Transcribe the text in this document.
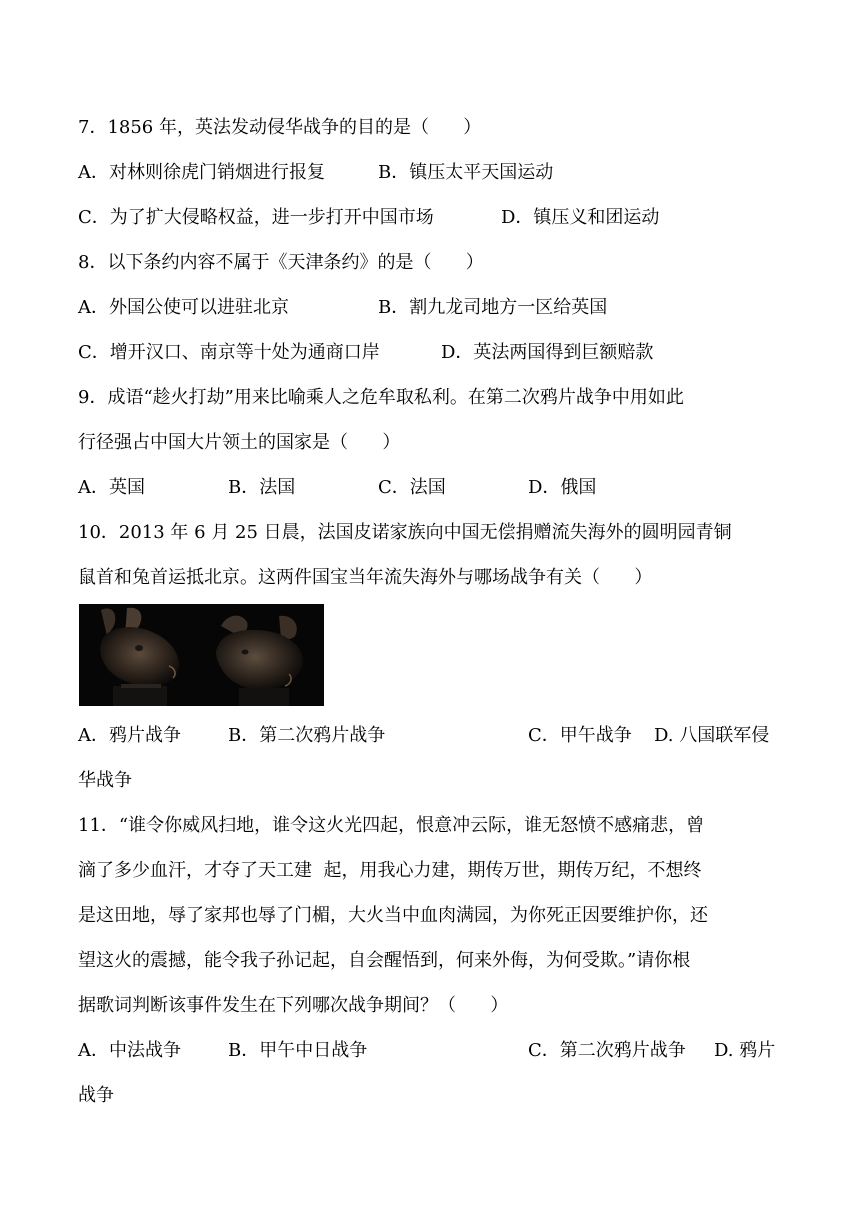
7．1856 年，英法发动侵华战争的目的是（      ）
A．对林则徐虎门销烟进行报复	B．镇压太平天国运动
C．为了扩大侵略权益，进一步打开中国市场	D．镇压义和团运动
8．以下条约内容不属于《天津条约》的是（      ）
A．外国公使可以进驻北京	B．割九龙司地方一区给英国
C．增开汉口、南京等十处为通商口岸	D．英法两国得到巨额赔款
9．成语“趁火打劫”用来比喻乘人之危牟取私利。在第二次鸦片战争中用如此
行径强占中国大片领土的国家是（      ）
A．英国	B．法国	C．法国	D．俄国
10．2013 年 6 月 25 日晨，法国皮诺家族向中国无偿捐赠流失海外的圆明园青铜
鼠首和兔首运抵北京。这两件国宝当年流失海外与哪场战争有关（      ）
A．鸦片战争	B．第二次鸦片战争	C．甲午战争 D. 八国联军侵
华战争
11．“谁令你威风扫地，谁令这火光四起，恨意冲云际，谁无怒愤不感痛悲，曾
滴了多少血汗，才夺了天工建  起，用我心力建，期传万世，期传万纪，不想终
是这田地，辱了家邦也辱了门楣，大火当中血肉满园，为你死正因要维护你，还
望这火的震撼，能令我子孙记起，自会醒悟到，何来外侮，为何受欺。”请你根
据歌词判断该事件发生在下列哪次战争期间？（      ）
A．中法战争	B．甲午中日战争	C．第二次鸦片战争 D. 鸦片
战争
